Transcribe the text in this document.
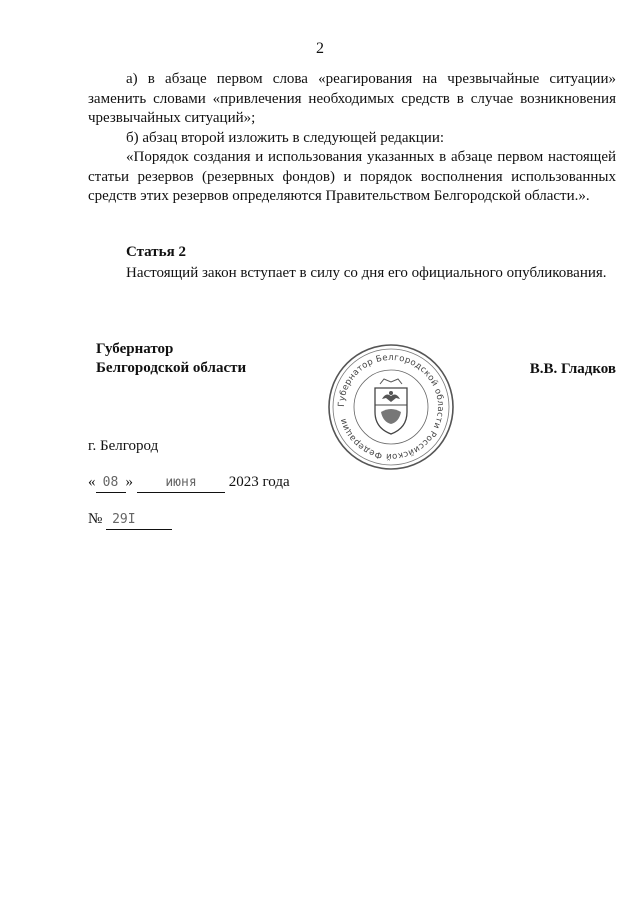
2
а) в абзаце первом слова «реагирования на чрезвычайные ситуации» заменить словами «привлечения необходимых средств в случае возникновения чрезвычайных ситуаций»;
б) абзац второй изложить в следующей редакции:
«Порядок создания и использования указанных в абзаце первом настоящей статьи резервов (резервных фондов) и порядок восполнения использованных средств этих резервов определяются Правительством Белгородской области.».
Статья 2
Настоящий закон вступает в силу со дня его официального опубликования.
Губернатор
Белгородской области
Губернатор Белгородской области Российской Федерации
В.В. Гладков
г. Белгород
« 08 » июня 2023 года
№ 29I
